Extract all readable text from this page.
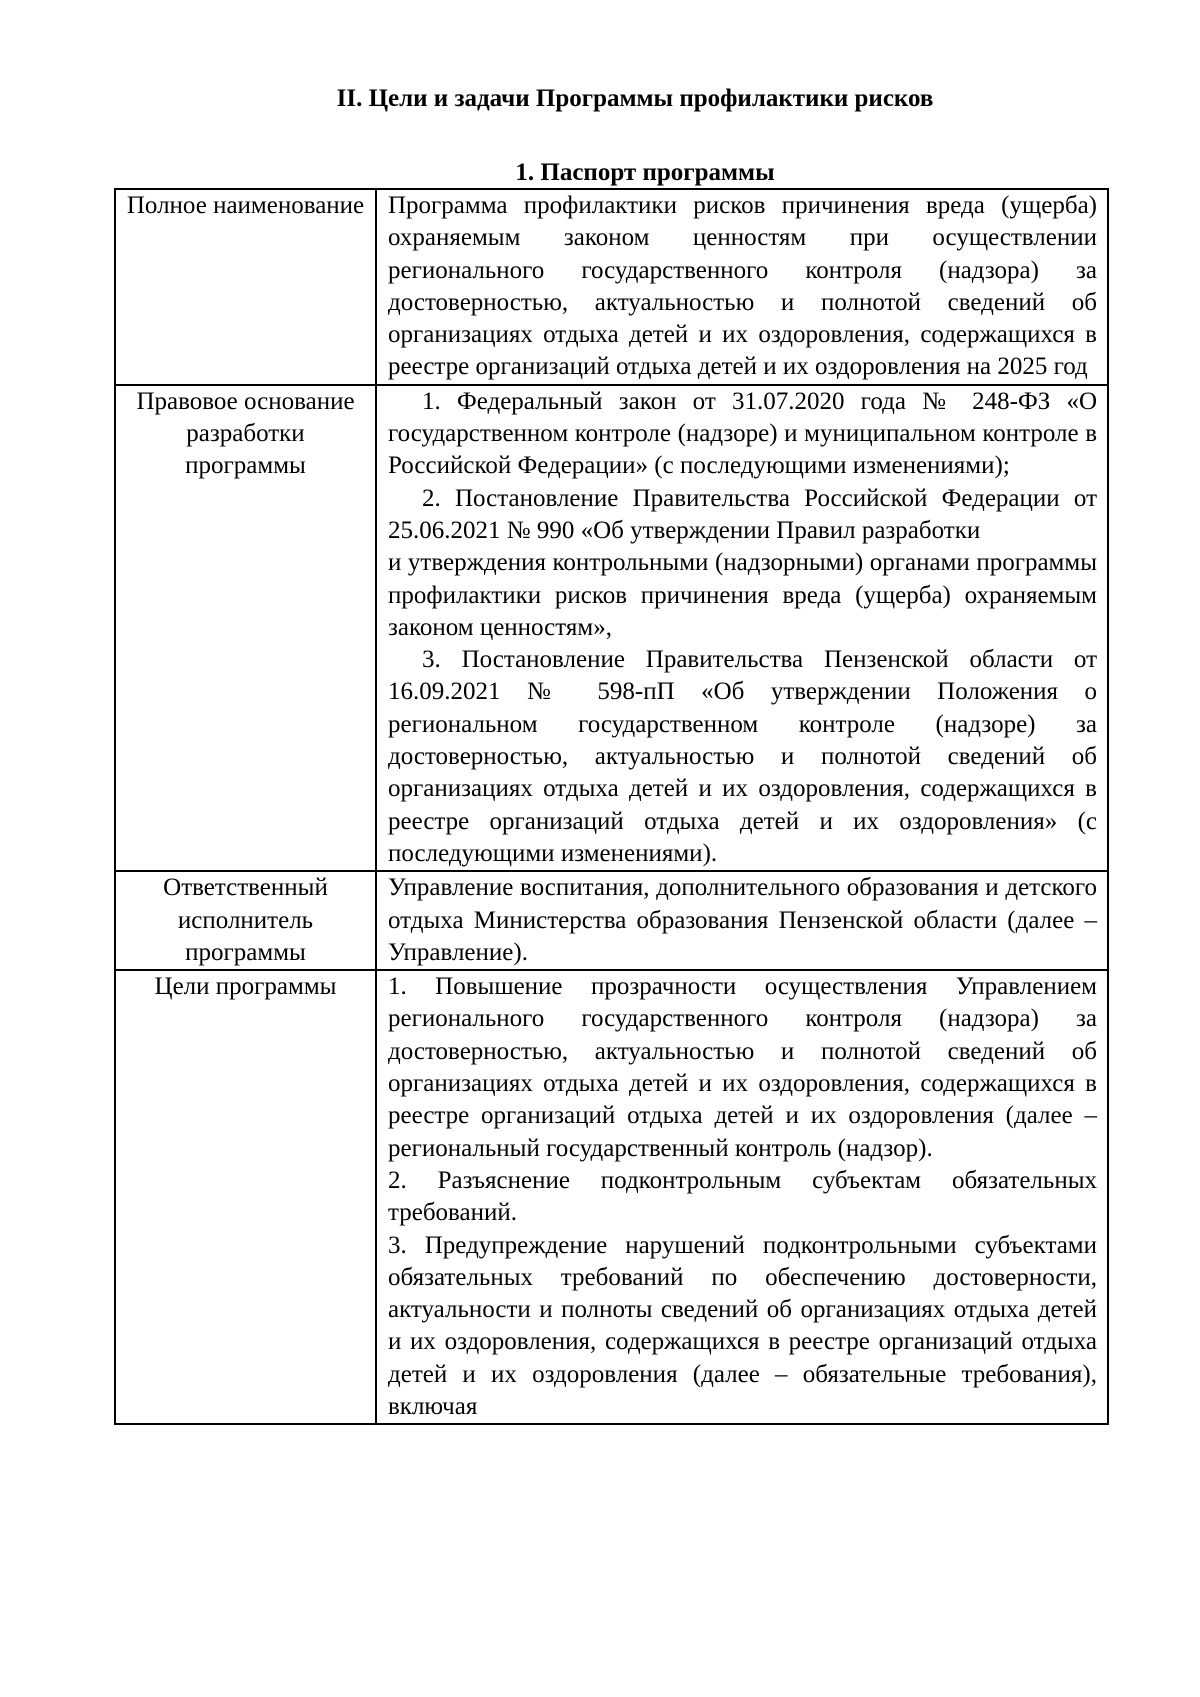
II. Цели и задачи Программы профилактики рисков
1. Паспорт программы
Полное наименование	Программа профилактики рисков причинения вреда (ущерба) охраняемым законом ценностям при осуществлении регионального государственного контроля (надзора) за достоверностью, актуальностью и полнотой сведений об организациях отдыха детей и их оздоровления, содержащихся в реестре организаций отдыха детей и их оздоровления на 2025 год

Правовое основание разработки программы	1. Федеральный закон от 31.07.2020 года № 248-ФЗ «О государственном контроле (надзоре) и муниципальном контроле в Российской Федерации» (с последующими изменениями);

2. Постановление Правительства Российской Федерации от 25.06.2021 № 990 «Об утверждении Правил разработки

и утверждения контрольными (надзорными) органами программы профилактики рисков причинения вреда (ущерба) охраняемым законом ценностям»,

3. Постановление Правительства Пензенской области от 16.09.2021 № 598-пП «Об утверждении Положения о региональном государственном контроле (надзоре) за достоверностью, актуальностью и полнотой сведений об организациях отдыха детей и их оздоровления, содержащихся в реестре организаций отдыха детей и их оздоровления» (с последующими изменениями).

Ответственный исполнитель программы	Управление воспитания, дополнительного образования и детского отдыха Министерства образования Пензенской области (далее – Управление).

Цели программы	1. Повышение прозрачности осуществления Управлением регионального государственного контроля (надзора) за достоверностью, актуальностью и полнотой сведений об организациях отдыха детей и их оздоровления, содержащихся в реестре организаций отдыха детей и их оздоровления (далее – региональный государственный контроль (надзор).

2. Разъяснение подконтрольным субъектам обязательных требований.

3. Предупреждение нарушений подконтрольными субъектами обязательных требований по обеспечению достоверности, актуальности и полноты сведений об организациях отдыха детей и их оздоровления, содержащихся в реестре организаций отдыха детей и их оздоровления (далее – обязательные требования), включая
